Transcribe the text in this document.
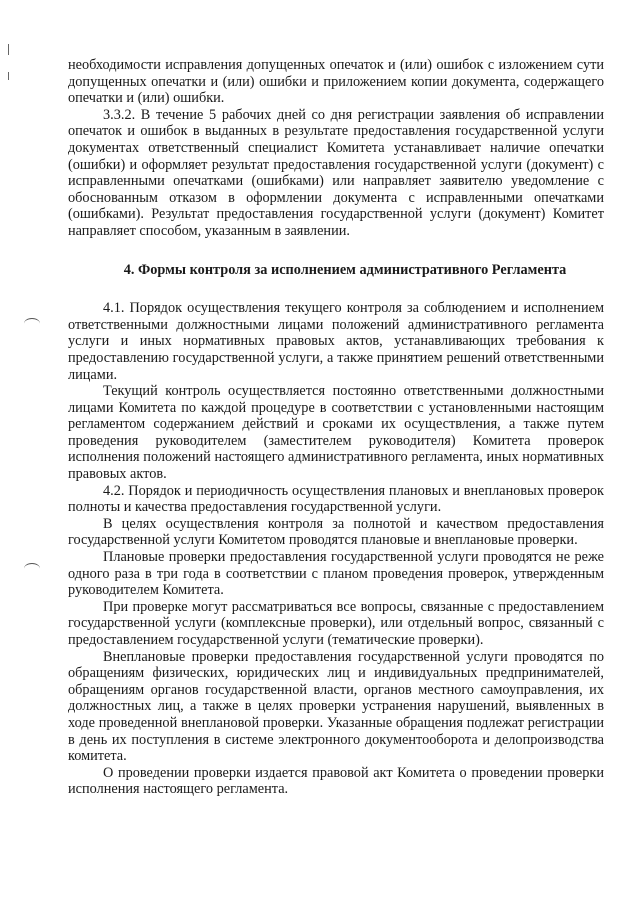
необходимости исправления допущенных опечаток и (или) ошибок с изложением сути допущенных опечатки и (или) ошибки и приложением копии документа, содержащего опечатки и (или) ошибки.

3.3.2. В течение 5 рабочих дней со дня регистрации заявления об исправлении опечаток и ошибок в выданных в результате предоставления государственной услуги документах ответственный специалист Комитета устанавливает наличие опечатки (ошибки) и оформляет результат предоставления государственной услуги (документ) с исправленными опечатками (ошибками) или направляет заявителю уведомление с обоснованным отказом в оформлении документа с исправленными опечатками (ошибками). Результат предоставления государственной услуги (документ) Комитет направляет способом, указанным в заявлении.

4. Формы контроля за исполнением административного Регламента

4.1. Порядок осуществления текущего контроля за соблюдением и исполнением ответственными должностными лицами положений административного регламента услуги и иных нормативных правовых актов, устанавливающих требования к предоставлению государственной услуги, а также принятием решений ответственными лицами.

Текущий контроль осуществляется постоянно ответственными должностными лицами Комитета по каждой процедуре в соответствии с установленными настоящим регламентом содержанием действий и сроками их осуществления, а также путем проведения руководителем (заместителем руководителя) Комитета проверок исполнения положений настоящего административного регламента, иных нормативных правовых актов.

4.2. Порядок и периодичность осуществления плановых и внеплановых проверок полноты и качества предоставления государственной услуги.

В целях осуществления контроля за полнотой и качеством предоставления государственной услуги Комитетом проводятся плановые и внеплановые проверки.

Плановые проверки предоставления государственной услуги проводятся не реже одного раза в три года в соответствии с планом проведения проверок, утвержденным руководителем Комитета.

При проверке могут рассматриваться все вопросы, связанные с предоставлением государственной услуги (комплексные проверки), или отдельный вопрос, связанный с предоставлением государственной услуги (тематические проверки).

Внеплановые проверки предоставления государственной услуги проводятся по обращениям физических, юридических лиц и индивидуальных предпринимателей, обращениям органов государственной власти, органов местного самоуправления, их должностных лиц, а также в целях проверки устранения нарушений, выявленных в ходе проведенной внеплановой проверки. Указанные обращения подлежат регистрации в день их поступления в системе электронного документооборота и делопроизводства комитета.

О проведении проверки издается правовой акт Комитета о проведении проверки исполнения настоящего регламента.
